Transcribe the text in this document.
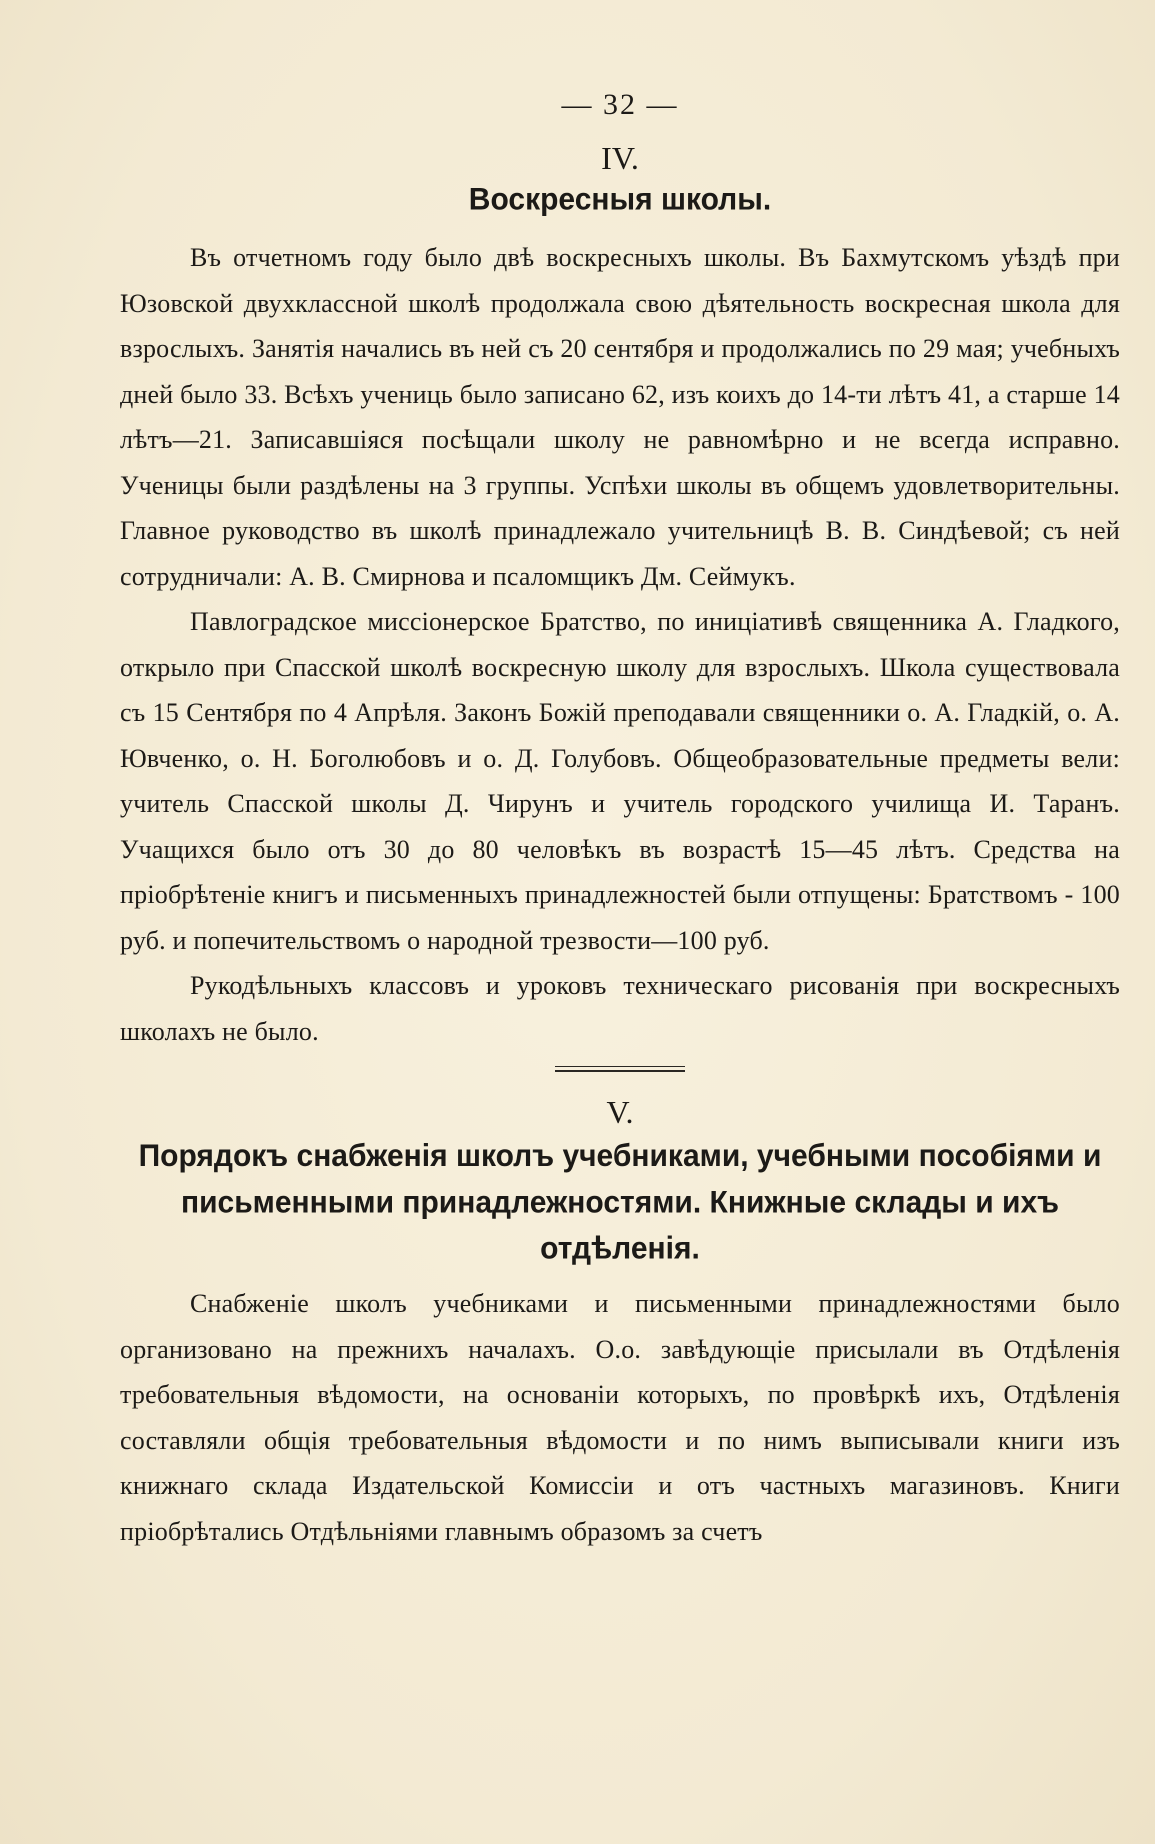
— 32 —
IV.
Воскресныя школы.

Въ отчетномъ году было двѣ воскресныхъ школы. Въ Бахмутскомъ уѣздѣ при Юзовской двухклассной школѣ продолжала свою дѣятельность воскресная школа для взрослыхъ. Занятія начались въ ней съ 20 сентября и продолжались по 29 мая; учебныхъ дней было 33. Всѣхъ учениць было записано 62, изъ коихъ до 14-ти лѣтъ 41, а старше 14 лѣтъ—21. Записавшіяся посѣщали школу не равномѣрно и не всегда исправно. Ученицы были раздѣлены на 3 группы. Успѣхи школы въ общемъ удовлетворительны. Главное руководство въ школѣ принадлежало учительницѣ В. В. Синдѣевой; съ ней сотрудничали: А. В. Смирнова и псаломщикъ Дм. Сеймукъ.

Павлоградское миссіонерское Братство, по иниціативѣ священника А. Гладкого, открыло при Спасской школѣ воскресную школу для взрослыхъ. Школа существовала съ 15 Сентября по 4 Апрѣля. Законъ Божій преподавали священники о. А. Гладкій, о. А. Ювченко, о. Н. Боголюбовъ и о. Д. Голубовъ. Общеобразовательные предметы вели: учитель Спасской школы Д. Чирунъ и учитель городского училища И. Таранъ. Учащихся было отъ 30 до 80 человѣкъ въ возрастѣ 15—45 лѣтъ. Средства на пріобрѣтеніе книгъ и письменныхъ принадлежностей были отпущены: Братствомъ - 100 руб. и попечительствомъ о народной трезвости—100 руб.

Рукодѣльныхъ классовъ и уроковъ техническаго рисованія при воскресныхъ школахъ не было.

V.
Порядокъ снабженія школъ учебниками, учебными пособіями и письменными принадлежностями. Книжные склады и ихъ отдѣленія.

Снабженіе школъ учебниками и письменными принадлежностями было организовано на прежнихъ началахъ. О.о. завѣдующіе присылали въ Отдѣленія требовательныя вѣдомости, на основаніи которыхъ, по провѣркѣ ихъ, Отдѣленія составляли общія требовательныя вѣдомости и по нимъ выписывали книги изъ книжнаго склада Издательской Комиссіи и отъ частныхъ магазиновъ. Книги пріобрѣтались Отдѣльніями главнымъ образомъ за счетъ
